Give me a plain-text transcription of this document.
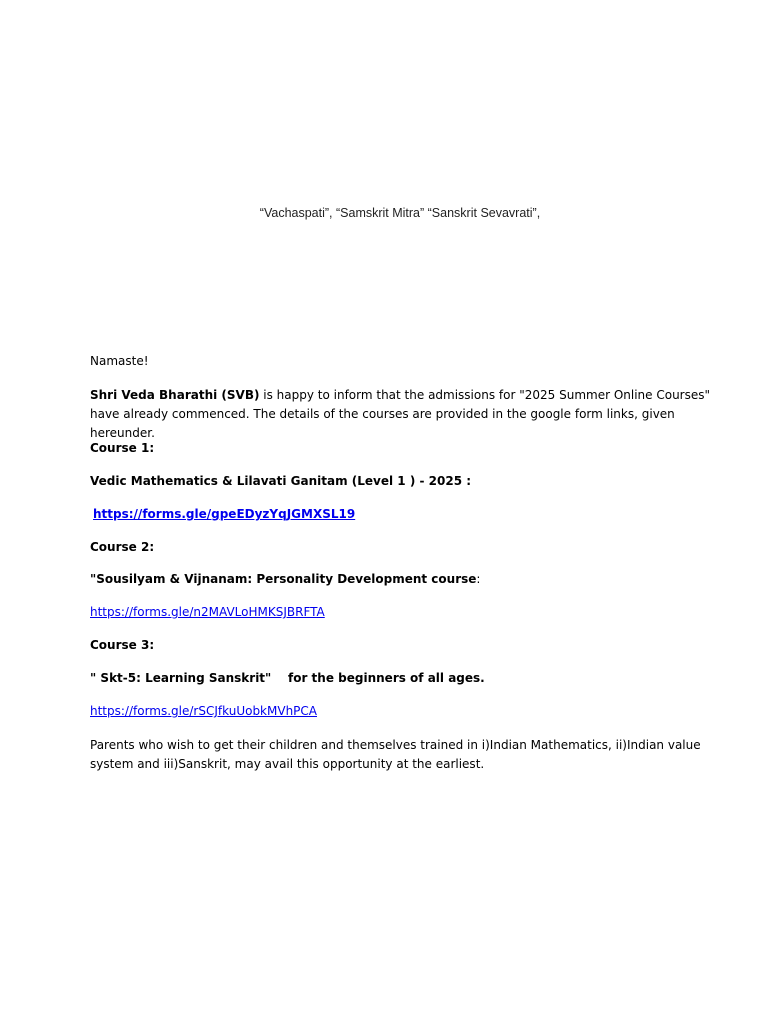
“Vachaspati”, “Samskrit Mitra” “Sanskrit Sevavrati”,

Namaste!

Shri Veda Bharathi (SVB) is happy to inform that the admissions for "2025 Summer Online Courses" have already commenced. The details of the courses are provided in the google form links, given hereunder.

Course 1:

Vedic Mathematics & Lilavati Ganitam (Level 1 ) - 2025 :

https://forms.gle/gpeEDyzYqJGMXSL19

Course 2:

"Sousilyam & Vijnanam: Personality Development course:

https://forms.gle/n2MAVLoHMKSJBRFTA

Course 3:

" Skt-5: Learning Sanskrit"    for the beginners of all ages.

https://forms.gle/rSCJfkuUobkMVhPCA

Parents who wish to get their children and themselves trained in i)Indian Mathematics, ii)Indian value system and iii)Sanskrit, may avail this opportunity at the earliest.
